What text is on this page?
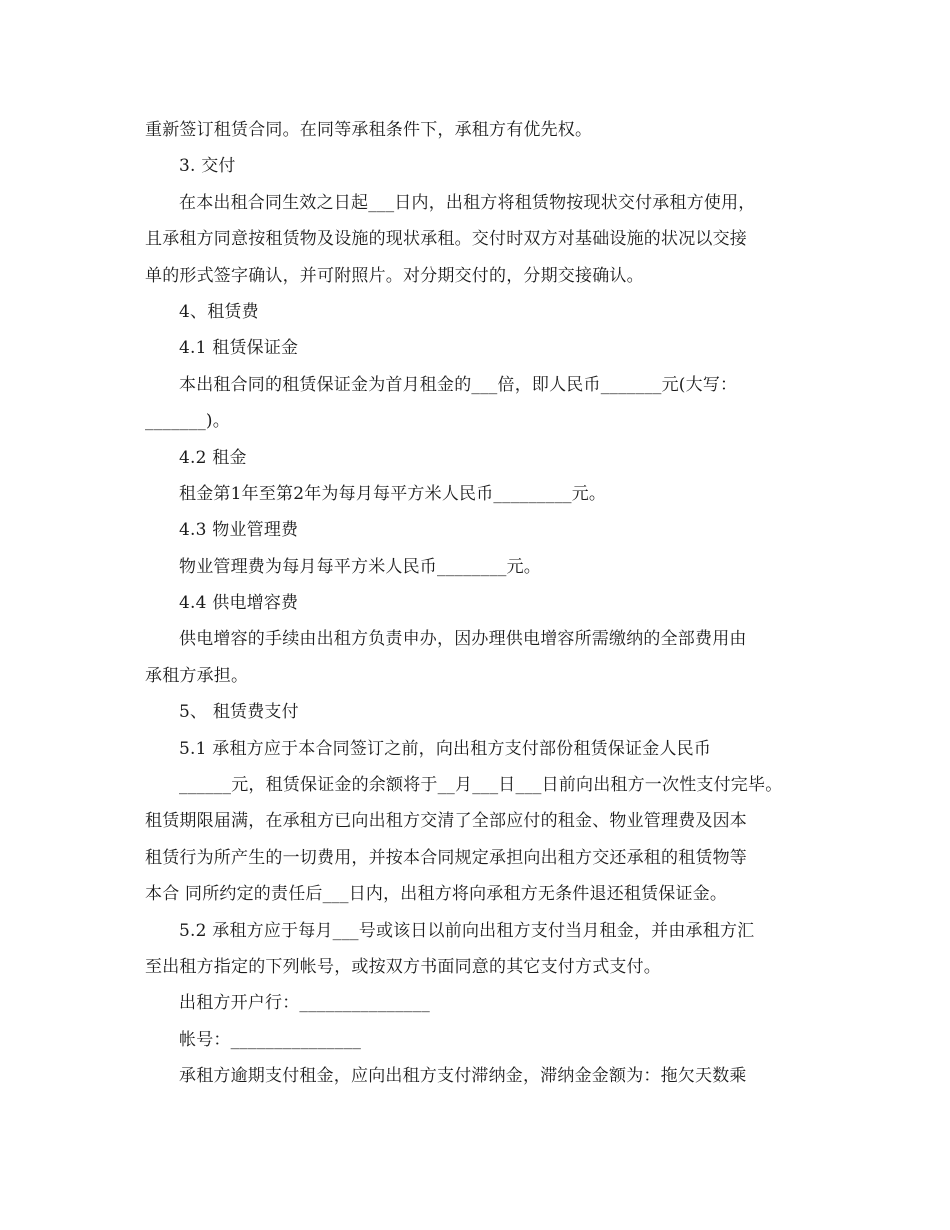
重新签订租赁合同。在同等承租条件下，承租方有优先权。
3. 交付
在本出租合同生效之日起___日内，出租方将租赁物按现状交付承租方使用，
且承租方同意按租赁物及设施的现状承租。交付时双方对基础设施的状况以交接
单的形式签字确认，并可附照片。对分期交付的，分期交接确认。
4、租赁费
4.1 租赁保证金
本出租合同的租赁保证金为首月租金的___倍，即人民币_______元(大写：
_______)。
4.2 租金
租金第1年至第2年为每月每平方米人民币_________元。
4.3 物业管理费
物业管理费为每月每平方米人民币________元。
4.4 供电增容费
供电增容的手续由出租方负责申办，因办理供电增容所需缴纳的全部费用由
承租方承担。
5、 租赁费支付
5.1 承租方应于本合同签订之前，向出租方支付部份租赁保证金人民币
______元，租赁保证金的余额将于__月___日___日前向出租方一次性支付完毕。
租赁期限届满，在承租方已向出租方交清了全部应付的租金、物业管理费及因本
租赁行为所产生的一切费用，并按本合同规定承担向出租方交还承租的租赁物等
本合 同所约定的责任后___日内，出租方将向承租方无条件退还租赁保证金。
5.2 承租方应于每月___号或该日以前向出租方支付当月租金，并由承租方汇
至出租方指定的下列帐号，或按双方书面同意的其它支付方式支付。
出租方开户行：_______________
帐号：_______________
承租方逾期支付租金，应向出租方支付滞纳金，滞纳金金额为：拖欠天数乘
